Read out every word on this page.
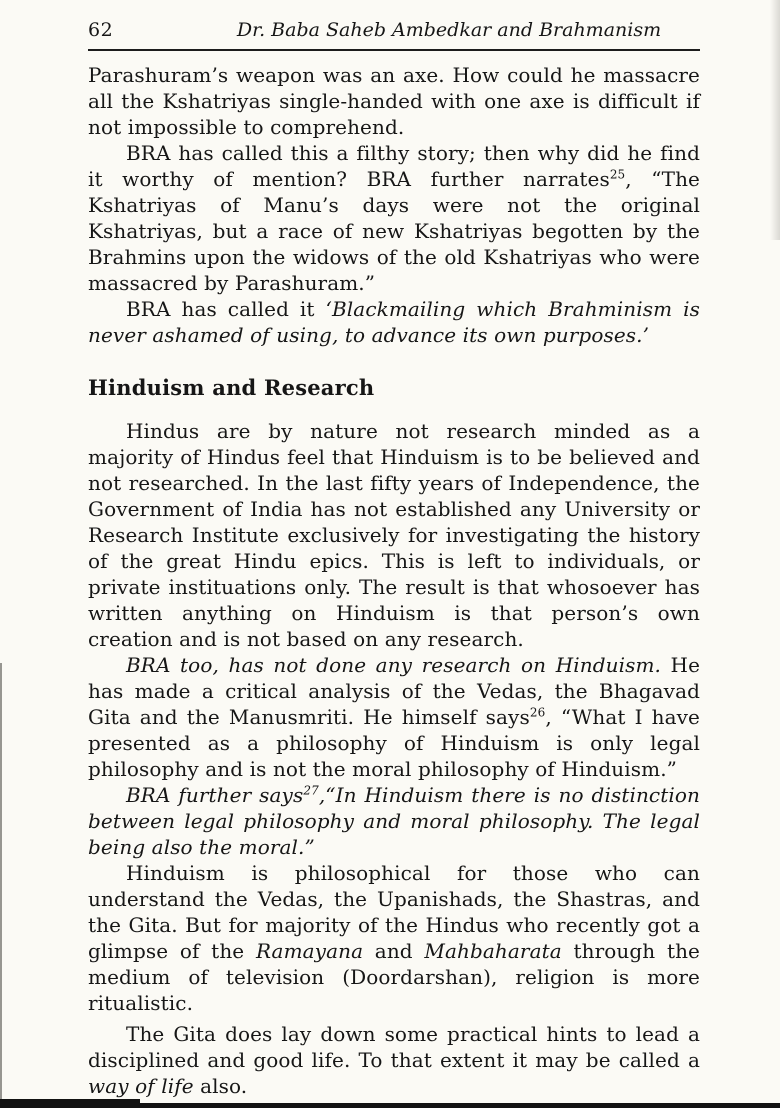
62	Dr. Baba Saheb Ambedkar and Brahmanism

Parashuram’s weapon was an axe. How could he massacre all the Kshatriyas single-handed with one axe is difficult if not impossible to comprehend.

BRA has called this a filthy story; then why did he find it worthy of mention? BRA further narrates$^{25}$, “The Kshatriyas of Manu’s days were not the original Kshatriyas, but a race of new Kshatriyas begotten by the Brahmins upon the widows of the old Kshatriyas who were massacred by Parashuram.”

BRA has called it ‘Blackmailing which Brahminism is never ashamed of using, to advance its own purposes.’

Hinduism and Research

Hindus are by nature not research minded as a majority of Hindus feel that Hinduism is to be believed and not researched. In the last fifty years of Independence, the Government of India has not established any University or Research Institute exclusively for investigating the history of the great Hindu epics. This is left to individuals, or private instituations only. The result is that whosoever has written anything on Hinduism is that person’s own creation and is not based on any research.

BRA too, has not done any research on Hinduism. He has made a critical analysis of the Vedas, the Bhagavad Gita and the Manusmriti. He himself says$^{26}$, “What I have presented as a philosophy of Hinduism is only legal philosophy and is not the moral philosophy of Hinduism.”

BRA further says$^{27}$,“In Hinduism there is no distinction between legal philosophy and moral philosophy. The legal being also the moral.”

Hinduism is philosophical for those who can understand the Vedas, the Upanishads, the Shastras, and the Gita. But for majority of the Hindus who recently got a glimpse of the Ramayana and Mahbaharata through the medium of television (Doordarshan), religion is more ritualistic.

The Gita does lay down some practical hints to lead a disciplined and good life. To that extent it may be called a way of life also.
